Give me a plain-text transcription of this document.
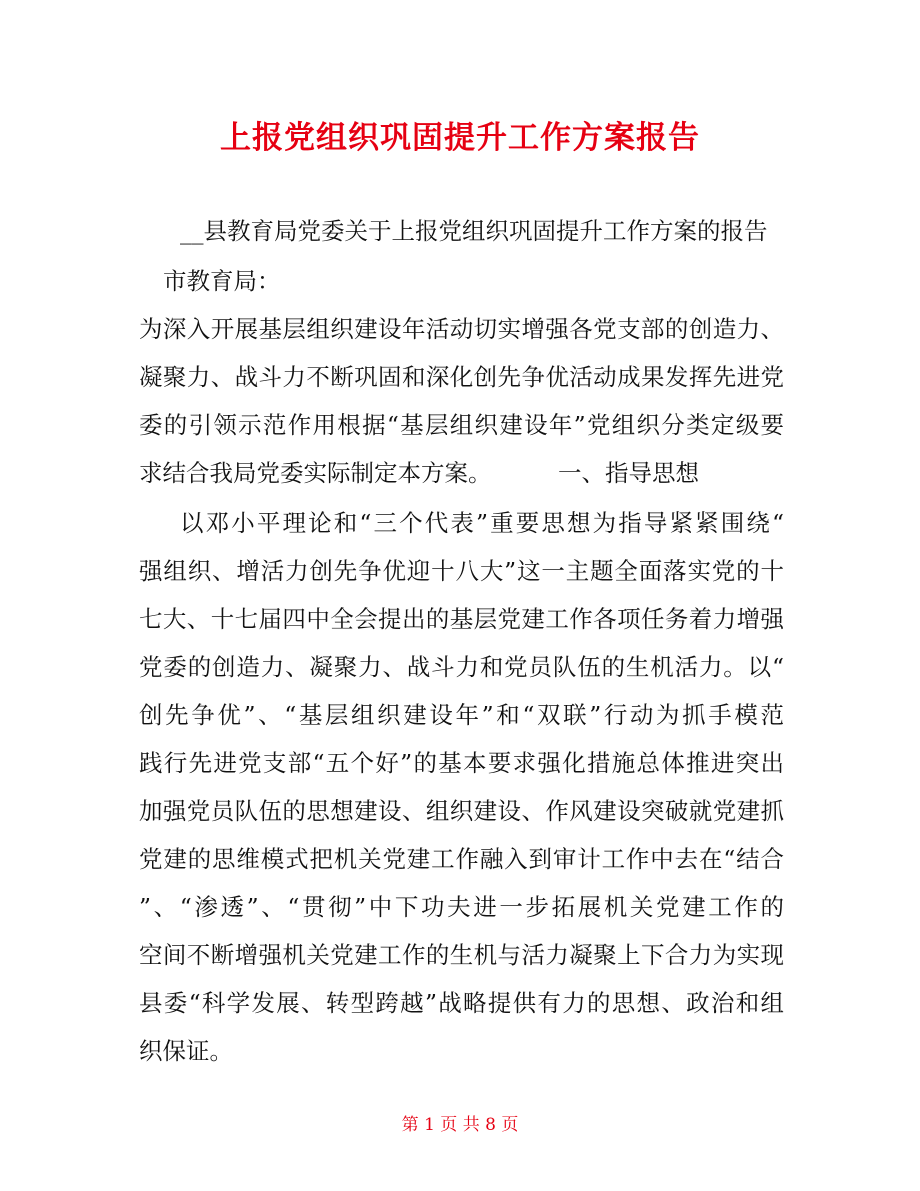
上报党组织巩固提升工作方案报告
__县教育局党委关于上报党组织巩固提升工作方案的报告
市教育局：
为深入开展基层组织建设年活动切实增强各党支部的创造力、
凝聚力、战斗力不断巩固和深化创先争优活动成果发挥先进党
委的引领示范作用根据“基层组织建设年”党组织分类定级要
求结合我局党委实际制定本方案。	一、指导思想
以邓小平理论和“三个代表”重要思想为指导紧紧围绕“
强组织、增活力创先争优迎十八大”这一主题全面落实党的十
七大、十七届四中全会提出的基层党建工作各项任务着力增强
党委的创造力、凝聚力、战斗力和党员队伍的生机活力。以“
创先争优”、“基层组织建设年”和“双联”行动为抓手模范
践行先进党支部“五个好”的基本要求强化措施总体推进突出
加强党员队伍的思想建设、组织建设、作风建设突破就党建抓
党建的思维模式把机关党建工作融入到审计工作中去在“结合
”、“渗透”、“贯彻”中下功夫进一步拓展机关党建工作的
空间不断增强机关党建工作的生机与活力凝聚上下合力为实现
县委“科学发展、转型跨越”战略提供有力的思想、政治和组
织保证。
第 1 页 共 8 页
